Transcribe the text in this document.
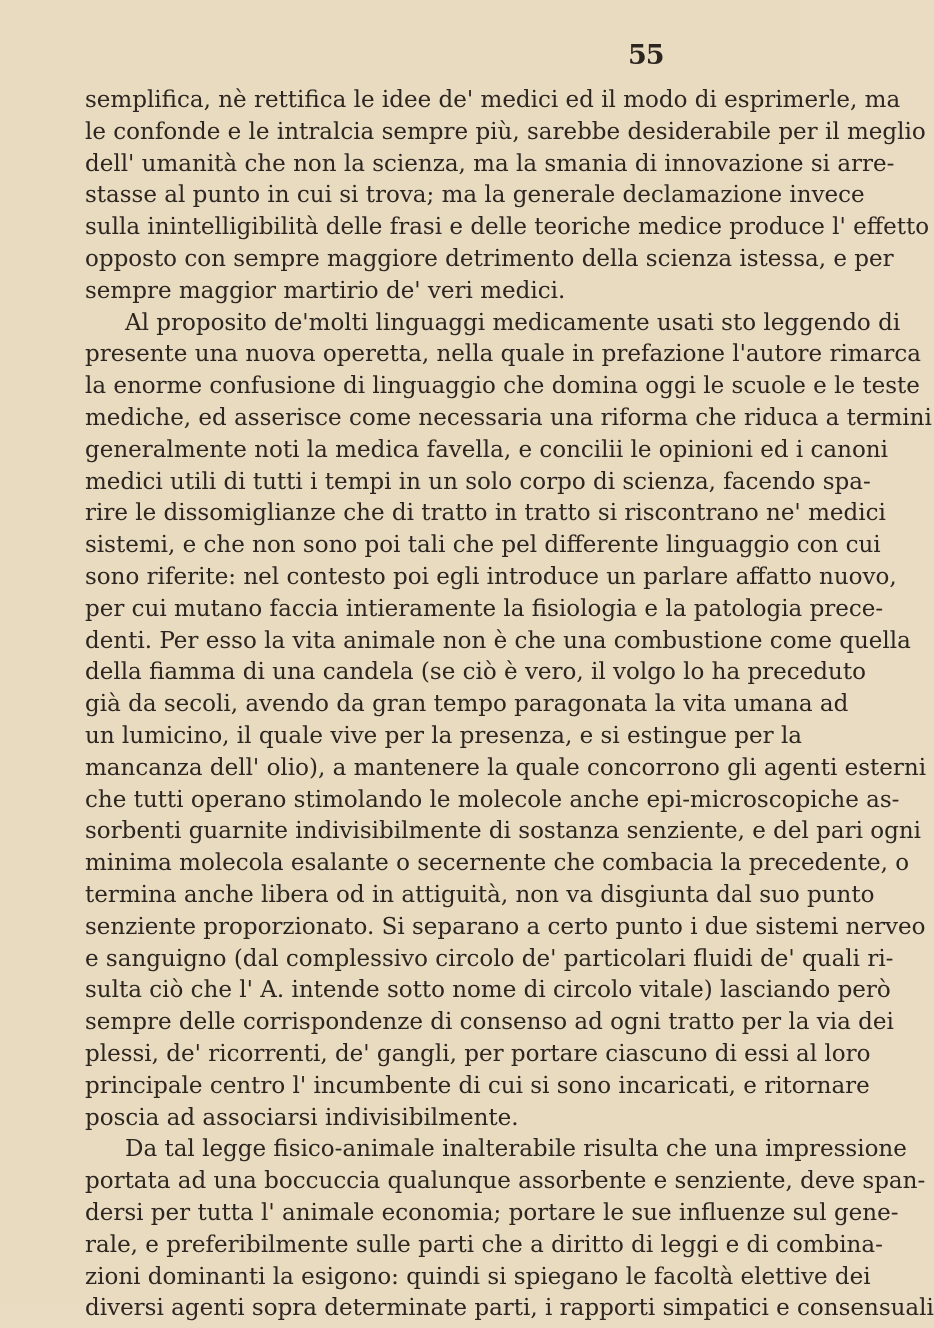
55
semplifica, nè rettifica le idee de' medici ed il modo di esprimerle, ma
le confonde e le intralcia sempre più, sarebbe desiderabile per il meglio
dell' umanità che non la scienza, ma la smania di innovazione si arre-
stasse al punto in cui si trova; ma la generale declamazione invece
sulla inintelligibilità delle frasi e delle teoriche medice produce l' effetto
opposto con sempre maggiore detrimento della scienza istessa, e per
sempre maggior martirio de' veri medici.
Al proposito de'molti linguaggi medicamente usati sto leggendo di
presente una nuova operetta, nella quale in prefazione l'autore rimarca
la enorme confusione di linguaggio che domina oggi le scuole e le teste
mediche, ed asserisce come necessaria una riforma che riduca a termini
generalmente noti la medica favella, e concilii le opinioni ed i canoni
medici utili di tutti i tempi in un solo corpo di scienza, facendo spa-
rire le dissomiglianze che di tratto in tratto si riscontrano ne' medici
sistemi, e che non sono poi tali che pel differente linguaggio con cui
sono riferite: nel contesto poi egli introduce un parlare affatto nuovo,
per cui mutano faccia intieramente la fisiologia e la patologia prece-
denti. Per esso la vita animale non è che una combustione come quella
della fiamma di una candela (se ciò è vero, il volgo lo ha preceduto
già da secoli, avendo da gran tempo paragonata la vita umana ad
un lumicino, il quale vive per la presenza, e si estingue per la
mancanza dell' olio), a mantenere la quale concorrono gli agenti esterni
che tutti operano stimolando le molecole anche epi-microscopiche as-
sorbenti guarnite indivisibilmente di sostanza senziente, e del pari ogni
minima molecola esalante o secernente che combacia la precedente, o
termina anche libera od in attiguità, non va disgiunta dal suo punto
senziente proporzionato. Si separano a certo punto i due sistemi nerveo
e sanguigno (dal complessivo circolo de' particolari fluidi de' quali ri-
sulta ciò che l' A. intende sotto nome di circolo vitale) lasciando però
sempre delle corrispondenze di consenso ad ogni tratto per la via dei
plessi, de' ricorrenti, de' gangli, per portare ciascuno di essi al loro
principale centro l' incumbente di cui si sono incaricati, e ritornare
poscia ad associarsi indivisibilmente.
Da tal legge fisico-animale inalterabile risulta che una impressione
portata ad una boccuccia qualunque assorbente e senziente, deve span-
dersi per tutta l' animale economia; portare le sue influenze sul gene-
rale, e preferibilmente sulle parti che a diritto di leggi e di combina-
zioni dominanti la esigono: quindi si spiegano le facoltà elettive dei
diversi agenti sopra determinate parti, i rapporti simpatici e consensuali
